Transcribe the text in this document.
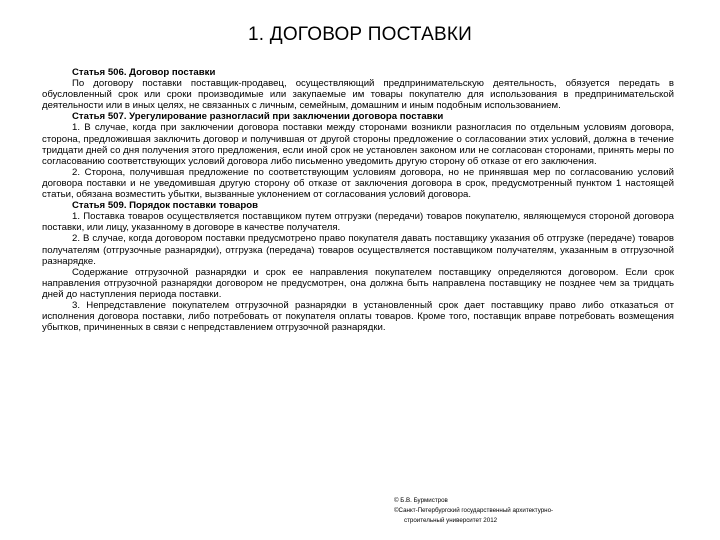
1. ДОГОВОР ПОСТАВКИ
Статья 506. Договор поставки

По договору поставки поставщик-продавец, осуществляющий предпринимательскую деятельность, обязуется передать в обусловленный срок или сроки производимые или закупаемые им товары покупателю для использования в предпринимательской деятельности или в иных целях, не связанных с личным, семейным, домашним и иным подобным использованием.

Статья 507. Урегулирование разногласий при заключении договора поставки

1. В случае, когда при заключении договора поставки между сторонами возникли разногласия по отдельным условиям договора, сторона, предложившая заключить договор и получившая от другой стороны предложение о согласовании этих условий, должна в течение тридцати дней со дня получения этого предложения, если иной срок не установлен законом или не согласован сторонами, принять меры по согласованию соответствующих условий договора либо письменно уведомить другую сторону об отказе от его заключения.

2. Сторона, получившая предложение по соответствующим условиям договора, но не принявшая мер по согласованию условий договора поставки и не уведомившая другую сторону об отказе от заключения договора в срок, предусмотренный пунктом 1 настоящей статьи, обязана возместить убытки, вызванные уклонением от согласования условий договора.

Статья 509. Порядок поставки товаров

1. Поставка товаров осуществляется поставщиком путем отгрузки (передачи) товаров покупателю, являющемуся стороной договора поставки, или лицу, указанному в договоре в качестве получателя.

2. В случае, когда договором поставки предусмотрено право покупателя давать поставщику указания об отгрузке (передаче) товаров получателям (отгрузочные разнарядки), отгрузка (передача) товаров осуществляется поставщиком получателям, указанным в отгрузочной разнарядке.

Содержание отгрузочной разнарядки и срок ее направления покупателем поставщику определяются договором. Если срок направления отгрузочной разнарядки договором не предусмотрен, она должна быть направлена поставщику не позднее чем за тридцать дней до наступления периода поставки.

3. Непредставление покупателем отгрузочной разнарядки в установленный срок дает поставщику право либо отказаться от исполнения договора поставки, либо потребовать от покупателя оплаты товаров. Кроме того, поставщик вправе потребовать возмещения убытков, причиненных в связи с непредставлением отгрузочной разнарядки.

© Б.В. Бурмистров
©Санкт-Петербургский государственный архитектурно-
строительный университет 2012
